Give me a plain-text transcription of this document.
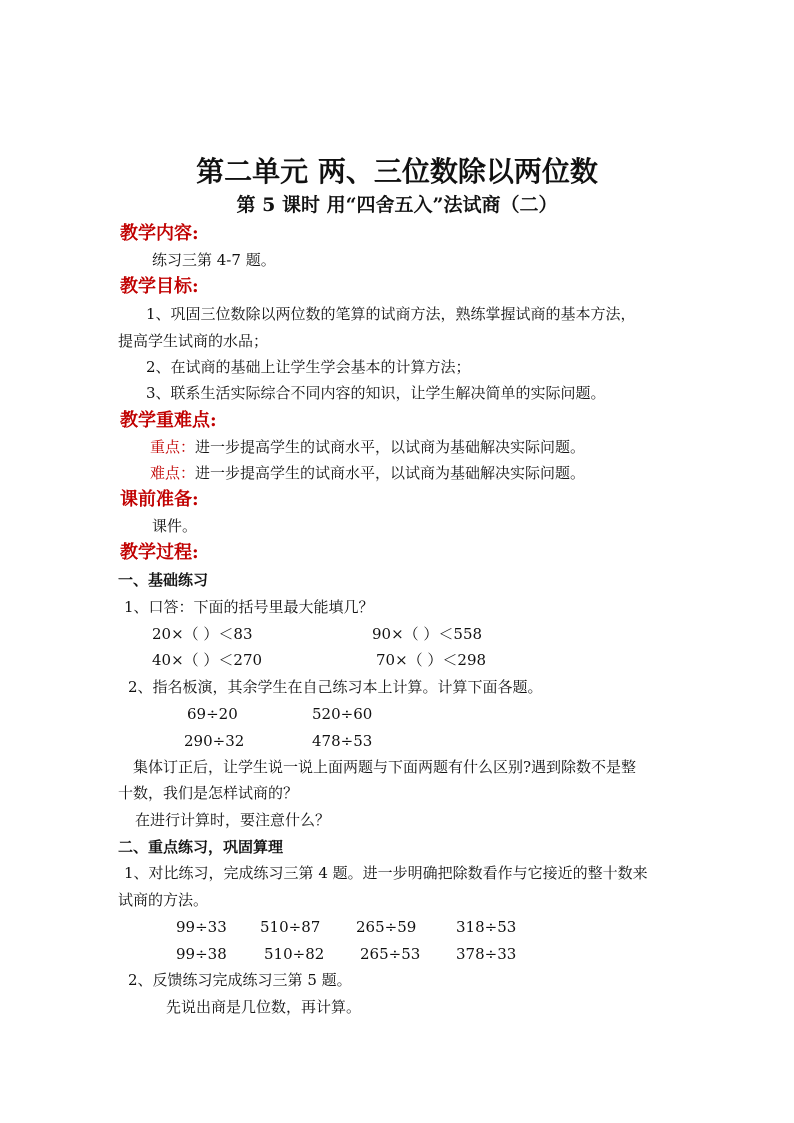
第二单元 两、三位数除以两位数
第 5 课时 用“四舍五入”法试商（二）
教学内容:
练习三第 4-7 题。
教学目标:
1、巩固三位数除以两位数的笔算的试商方法，熟练掌握试商的基本方法，
提高学生试商的水品；
2、在试商的基础上让学生学会基本的计算方法；
3、联系生活实际综合不同内容的知识，让学生解决简单的实际问题。
教学重难点:
重点：进一步提高学生的试商水平，以试商为基础解决实际问题。
难点：进一步提高学生的试商水平，以试商为基础解决实际问题。
课前准备:
课件。
教学过程:
一、基础练习
1、口答：下面的括号里最大能填几？
20×（ ）＜83	90×（ ）＜558
40×（ ）＜270	70×（ ）＜298
2、指名板演，其余学生在自己练习本上计算。计算下面各题。
69÷20	520÷60
290÷32	478÷53
集体订正后，让学生说一说上面两题与下面两题有什么区别?遇到除数不是整
十数，我们是怎样试商的？
在进行计算时，要注意什么？
二、重点练习，巩固算理
1、对比练习，完成练习三第 4 题。进一步明确把除数看作与它接近的整十数来
试商的方法。
99÷33 510÷87 265÷59	318÷53
99÷38 510÷82 265÷53 378÷33
2、反馈练习完成练习三第 5 题。
先说出商是几位数，再计算。
